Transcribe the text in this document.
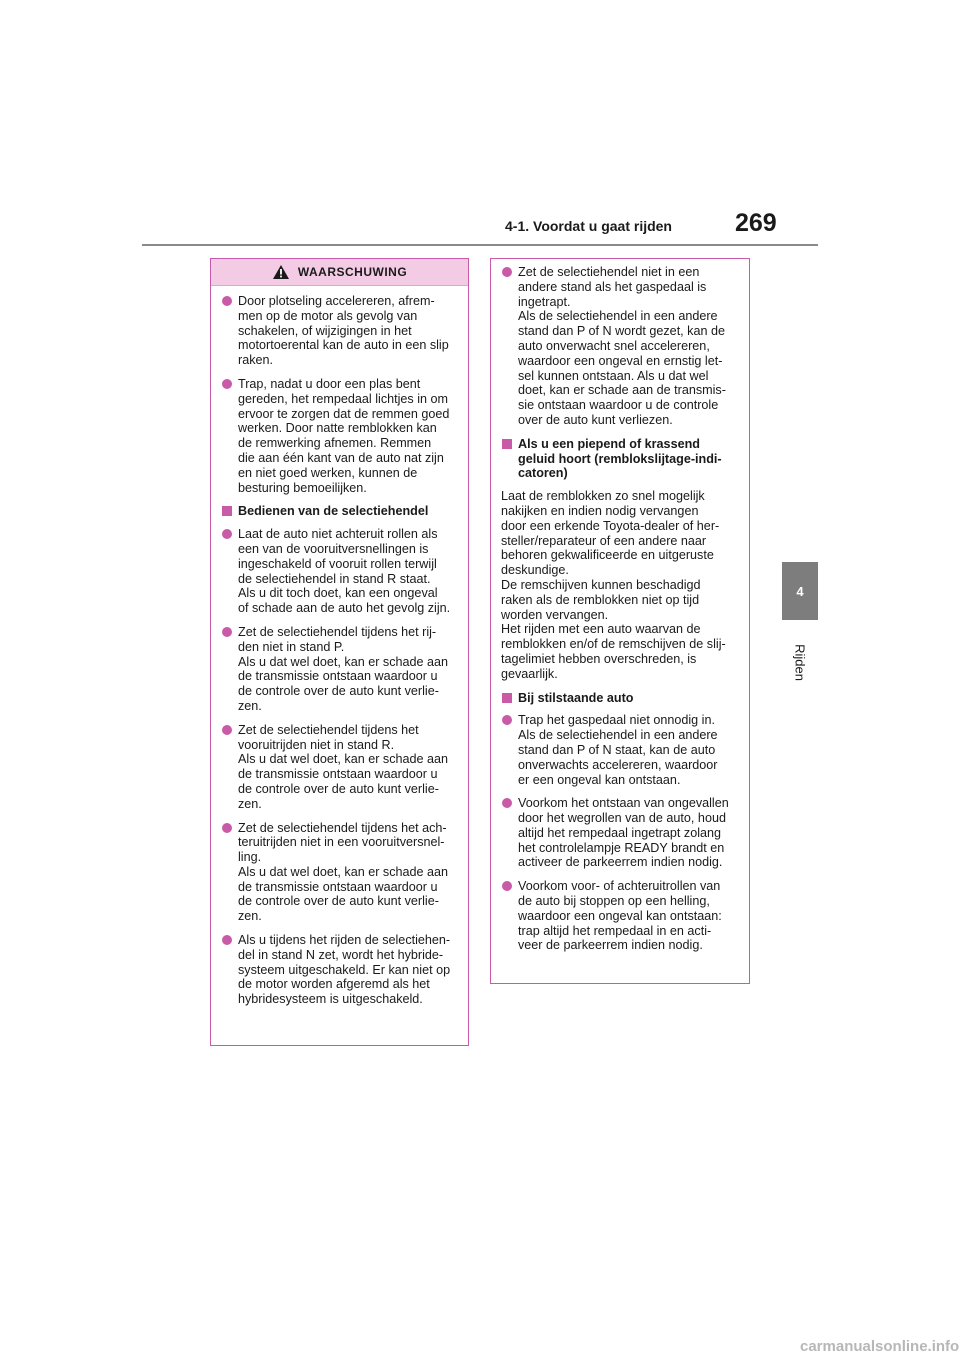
4-1. Voordat u gaat rijden	269
4
Rijden
WAARSCHUWING
Door plotseling accelereren, afrem-
men op de motor als gevolg van
schakelen, of wijzigingen in het
motortoerental kan de auto in een slip
raken.
Trap, nadat u door een plas bent
gereden, het rempedaal lichtjes in om
ervoor te zorgen dat de remmen goed
werken. Door natte remblokken kan
de remwerking afnemen. Remmen
die aan één kant van de auto nat zijn
en niet goed werken, kunnen de
besturing bemoeilijken.
Bedienen van de selectiehendel
Laat de auto niet achteruit rollen als
een van de vooruitversnellingen is
ingeschakeld of vooruit rollen terwijl
de selectiehendel in stand R staat.
Als u dit toch doet, kan een ongeval
of schade aan de auto het gevolg zijn.
Zet de selectiehendel tijdens het rij-
den niet in stand P.
Als u dat wel doet, kan er schade aan
de transmissie ontstaan waardoor u
de controle over de auto kunt verlie-
zen.
Zet de selectiehendel tijdens het
vooruitrijden niet in stand R.
Als u dat wel doet, kan er schade aan
de transmissie ontstaan waardoor u
de controle over de auto kunt verlie-
zen.
Zet de selectiehendel tijdens het ach-
teruitrijden niet in een vooruitversnel-
ling.
Als u dat wel doet, kan er schade aan
de transmissie ontstaan waardoor u
de controle over de auto kunt verlie-
zen.
Als u tijdens het rijden de selectiehen-
del in stand N zet, wordt het hybride-
systeem uitgeschakeld. Er kan niet op
de motor worden afgeremd als het
hybridesysteem is uitgeschakeld.
Zet de selectiehendel niet in een
andere stand als het gaspedaal is
ingetrapt.
Als de selectiehendel in een andere
stand dan P of N wordt gezet, kan de
auto onverwacht snel accelereren,
waardoor een ongeval en ernstig let-
sel kunnen ontstaan. Als u dat wel
doet, kan er schade aan de transmis-
sie ontstaan waardoor u de controle
over de auto kunt verliezen.
Als u een piepend of krassend
geluid hoort (remblokslijtage-indi-
catoren)
Laat de remblokken zo snel mogelijk
nakijken en indien nodig vervangen
door een erkende Toyota-dealer of her-
steller/reparateur of een andere naar
behoren gekwalificeerde en uitgeruste
deskundige.
De remschijven kunnen beschadigd
raken als de remblokken niet op tijd
worden vervangen.
Het rijden met een auto waarvan de
remblokken en/of de remschijven de slij-
tagelimiet hebben overschreden, is
gevaarlijk.
Bij stilstaande auto
Trap het gaspedaal niet onnodig in.
Als de selectiehendel in een andere
stand dan P of N staat, kan de auto
onverwachts accelereren, waardoor
er een ongeval kan ontstaan.
Voorkom het ontstaan van ongevallen
door het wegrollen van de auto, houd
altijd het rempedaal ingetrapt zolang
het controlelampje READY brandt en
activeer de parkeerrem indien nodig.
Voorkom voor- of achteruitrollen van
de auto bij stoppen op een helling,
waardoor een ongeval kan ontstaan:
trap altijd het rempedaal in en acti-
veer de parkeerrem indien nodig.
carmanualsonline.info
